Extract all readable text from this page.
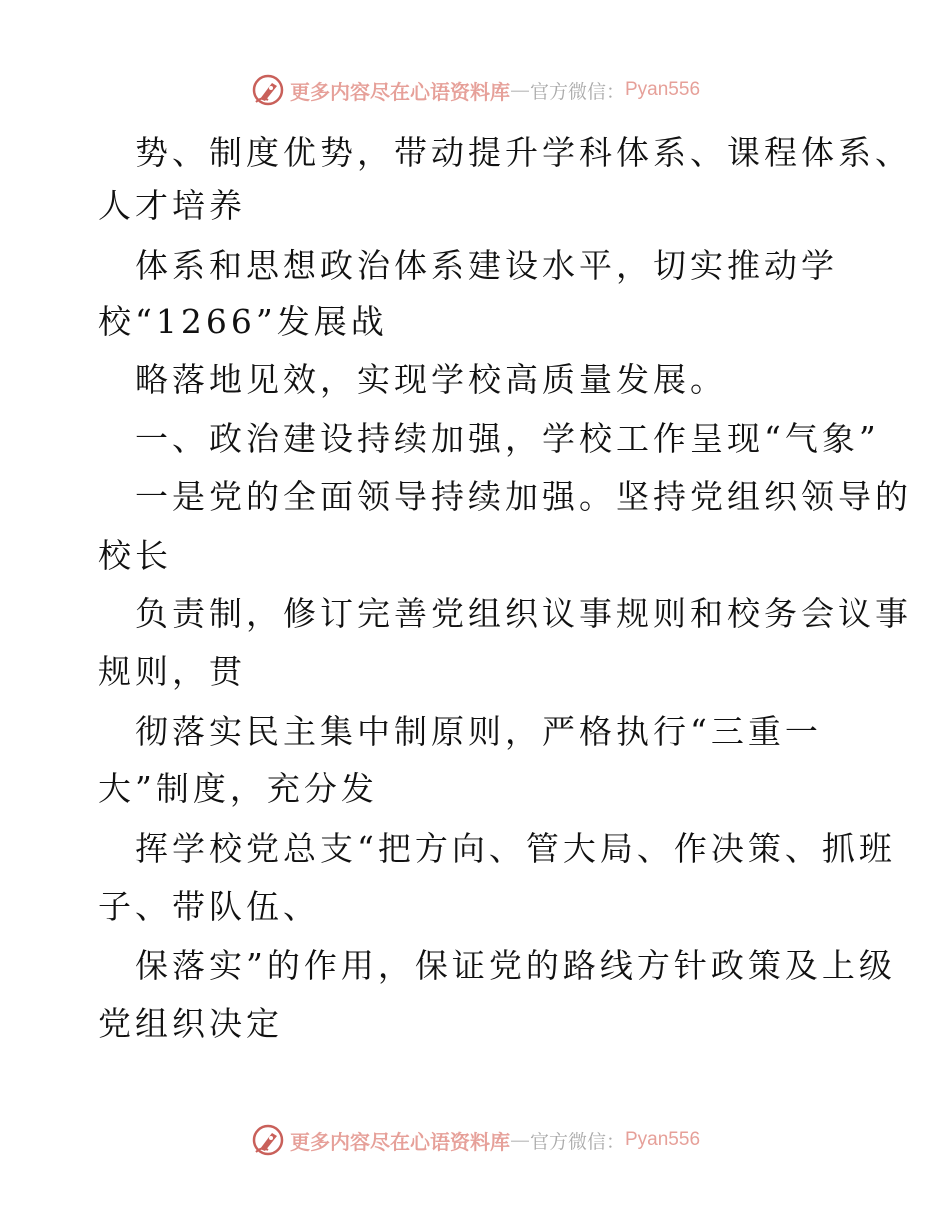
更多内容尽在心语资料库 — 官方微信： Pyan556
势、制度优势，带动提升学科体系、课程体系、
人才培养
体系和思想政治体系建设水平，切实推动学
校“1266”发展战
略落地见效，实现学校高质量发展。
一、政治建设持续加强，学校工作呈现“气象”
一是党的全面领导持续加强。坚持党组织领导的
校长
负责制，修订完善党组织议事规则和校务会议事
规则，贯
彻落实民主集中制原则，严格执行“三重一
大”制度，充分发
挥学校党总支“把方向、管大局、作决策、抓班
子、带队伍、
保落实”的作用，保证党的路线方针政策及上级
党组织决定
更多内容尽在心语资料库 — 官方微信： Pyan556
